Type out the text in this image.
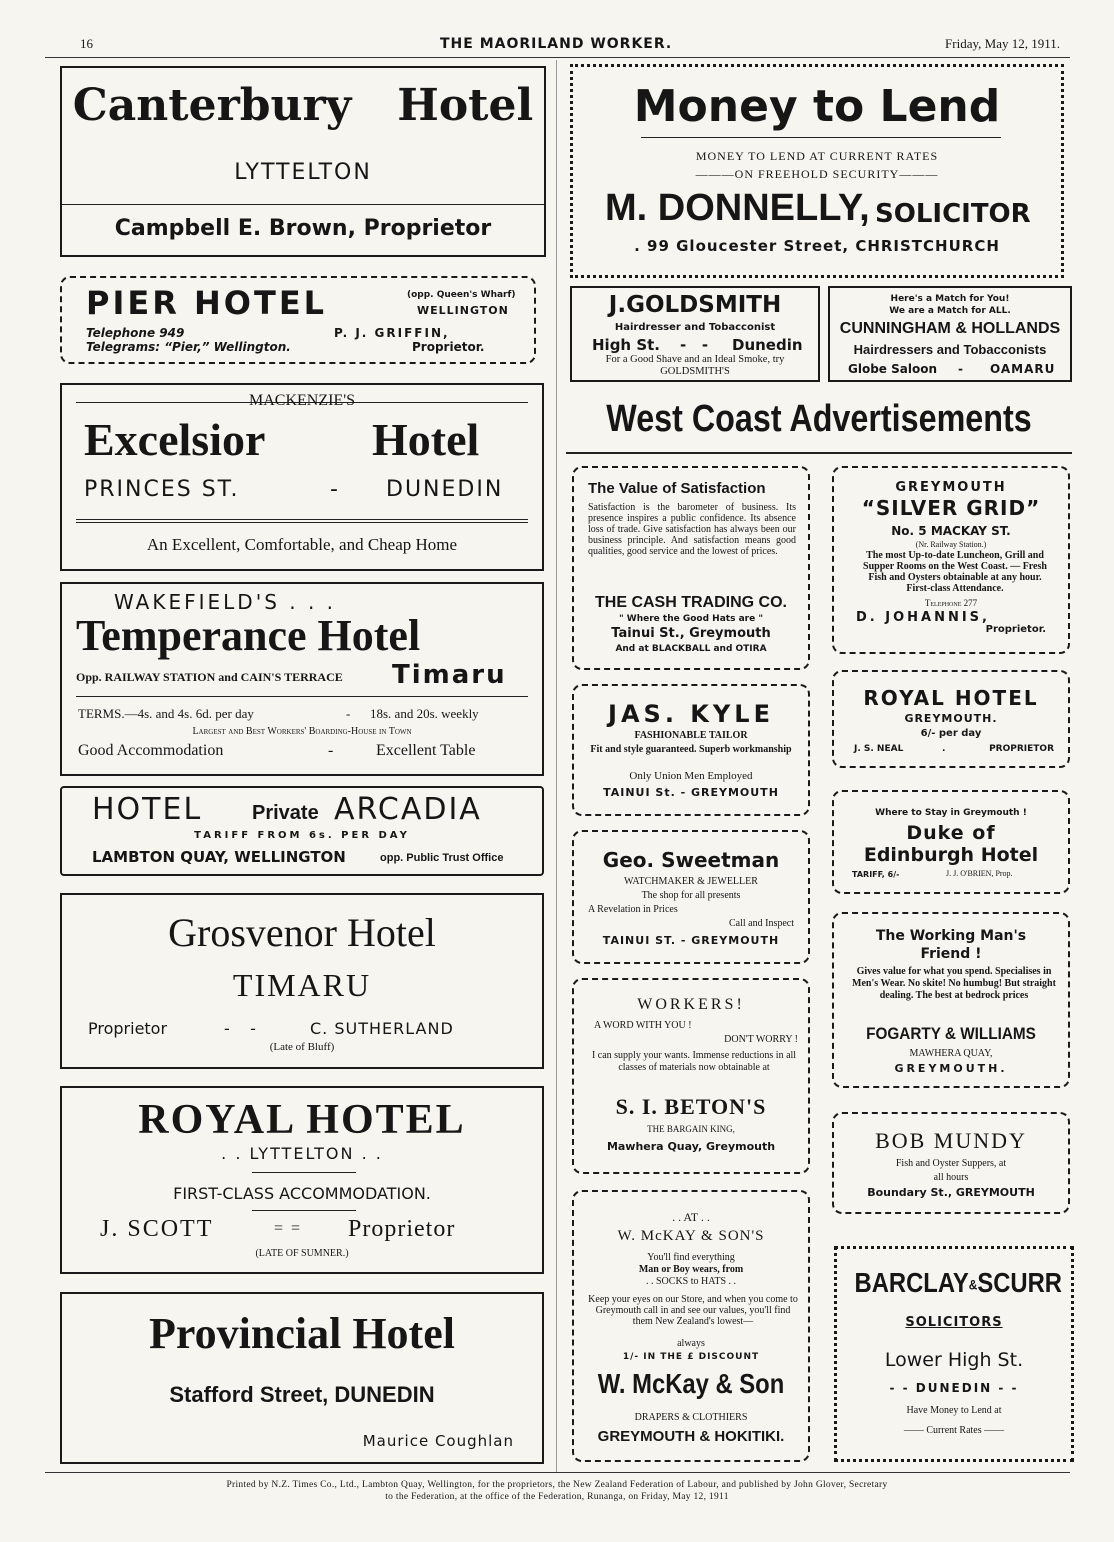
16	THE MAORILAND WORKER.	Friday, May 12, 1911.
Canterbury Hotel
LYTTELTON
Campbell E. Brown, Proprietor
PIER HOTEL	(opp. Queen's Wharf)
WELLINGTON
Telephone 949
Telegrams: “Pier,” Wellington.
P. J. GRIFFIN,
Proprietor.
MACKENZIE'S
Excelsior Hotel
PRINCES ST.	- DUNEDIN
An Excellent, Comfortable, and Cheap Home
WAKEFIELD'S . . .
Temperance Hotel
Opp. RAILWAY STATION and CAIN'S TERRACE Timaru
TERMS.—4s. and 4s. 6d. per day	- 18s. and 20s. weekly
Largest and Best Workers' Boarding-House in Town
Good Accommodation	-	Excellent Table
HOTEL Private ARCADIA
TARIFF FROM 6s. PER DAY
LAMBTON QUAY, WELLINGTON	opp. Public Trust Office
Grosvenor Hotel
TIMARU
Proprietor	-    -	C. SUTHERLAND
(Late of Bluff)
ROYAL HOTEL
. . LYTTELTON . .
FIRST-CLASS ACCOMMODATION.
J. SCOTT	=  = Proprietor
(LATE OF SUMNER.)
Provincial Hotel
Stafford Street, DUNEDIN
Maurice Coughlan
Money to Lend
MONEY TO LEND AT CURRENT RATES
———ON FREEHOLD SECURITY———
M. DONNELLY, SOLICITOR
. 99 Gloucester Street, CHRISTCHURCH
J.GOLDSMITH
Hairdresser and Tobacconist
High St. -   - Dunedin
For a Good Shave and an Ideal Smoke, try GOLDSMITH'S
Here's a Match for You!
We are a Match for ALL.
CUNNINGHAM & HOLLANDS
Hairdressers and Tobacconists
Globe Saloon - OAMARU
West Coast Advertisements
The Value of Satisfaction
Satisfaction is the barometer of business. Its presence inspires a public confidence. Its absence loss of trade. Give satisfaction has always been our business principle. And satisfaction means good qualities, good service and the lowest of prices.
THE CASH TRADING CO.
" Where the Good Hats are "
Tainui St., Greymouth
And at BLACKBALL and OTIRA
JAS. KYLE
FASHIONABLE TAILOR
Fit and style guaranteed. Superb workmanship
Only Union Men Employed
TAINUI St. - GREYMOUTH
Geo. Sweetman
WATCHMAKER & JEWELLER
The shop for all presents
A Revelation in Prices
Call and Inspect
TAINUI ST. - GREYMOUTH
WORKERS!
A WORD WITH YOU !
DON'T WORRY !
I can supply your wants. Immense reductions in all classes of materials now obtainable at
S. I. BETON'S
THE BARGAIN KING,
Mawhera Quay, Greymouth
. . AT . .
W. McKAY & SON'S
You'll find everything
Man or Boy wears, from
. . SOCKS to HATS . .
Keep your eyes on our Store, and when you come to Greymouth call in and see our values, you'll find them New Zealand's lowest—
always
1/- IN THE £ DISCOUNT
W. McKay & Son
DRAPERS & CLOTHIERS
GREYMOUTH & HOKITIKI.
GREYMOUTH
“SILVER GRID”
No. 5 MACKAY ST.
(Nr. Railway Station.)
The most Up-to-date Luncheon, Grill and Supper Rooms on the West Coast. — Fresh Fish and Oysters obtainable at any hour. First-class Attendance.
Telephone 277
D. JOHANNIS,
Proprietor.
ROYAL HOTEL
GREYMOUTH.
6/- per day
J. S. NEAL	.	PROPRIETOR
Where to Stay in Greymouth !
Duke of
Edinburgh Hotel
TARIFF, 6/-	J. J. O'BRIEN, Prop.
The Working Man's
Friend !
Gives value for what you spend. Specialises in Men's Wear. No skite! No humbug! But straight dealing. The best at bedrock prices
FOGARTY & WILLIAMS
MAWHERA QUAY,
GREYMOUTH.
BOB MUNDY
Fish and Oyster Suppers, at
all hours
Boundary St., GREYMOUTH
BARCLAY&SCURR
SOLICITORS
Lower High St.
- - DUNEDIN - -
Have Money to Lend at
—— Current Rates ——
Printed by N.Z. Times Co., Ltd., Lambton Quay, Wellington, for the proprietors, the New Zealand Federation of Labour, and published by John Glover, Secretary
to the Federation, at the office of the Federation, Runanga, on Friday, May 12, 1911
